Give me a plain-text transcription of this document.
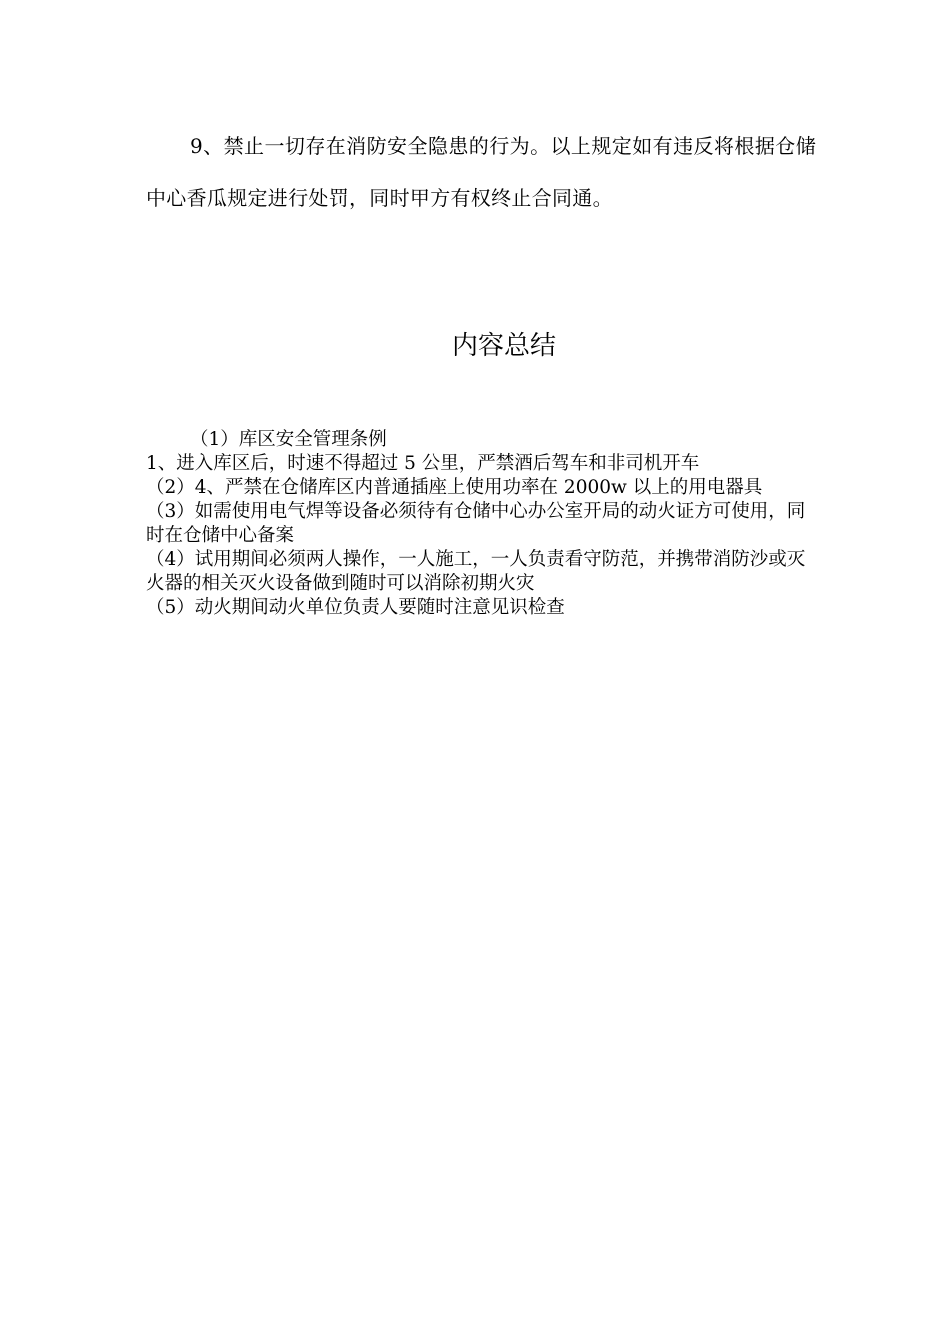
9、禁止一切存在消防安全隐患的行为。以上规定如有违反将根据仓储中心香瓜规定进行处罚，同时甲方有权终止合同通。

内容总结
（1）库区安全管理条例
1、进入库区后，时速不得超过 5 公里，严禁酒后驾车和非司机开车
（2）4、严禁在仓储库区内普通插座上使用功率在 2000w 以上的用电器具
（3）如需使用电气焊等设备必须待有仓储中心办公室开局的动火证方可使用，同时在仓储中心备案
（4）试用期间必须两人操作，一人施工，一人负责看守防范，并携带消防沙或灭火器的相关灭火设备做到随时可以消除初期火灾
（5）动火期间动火单位负责人要随时注意见识检查
